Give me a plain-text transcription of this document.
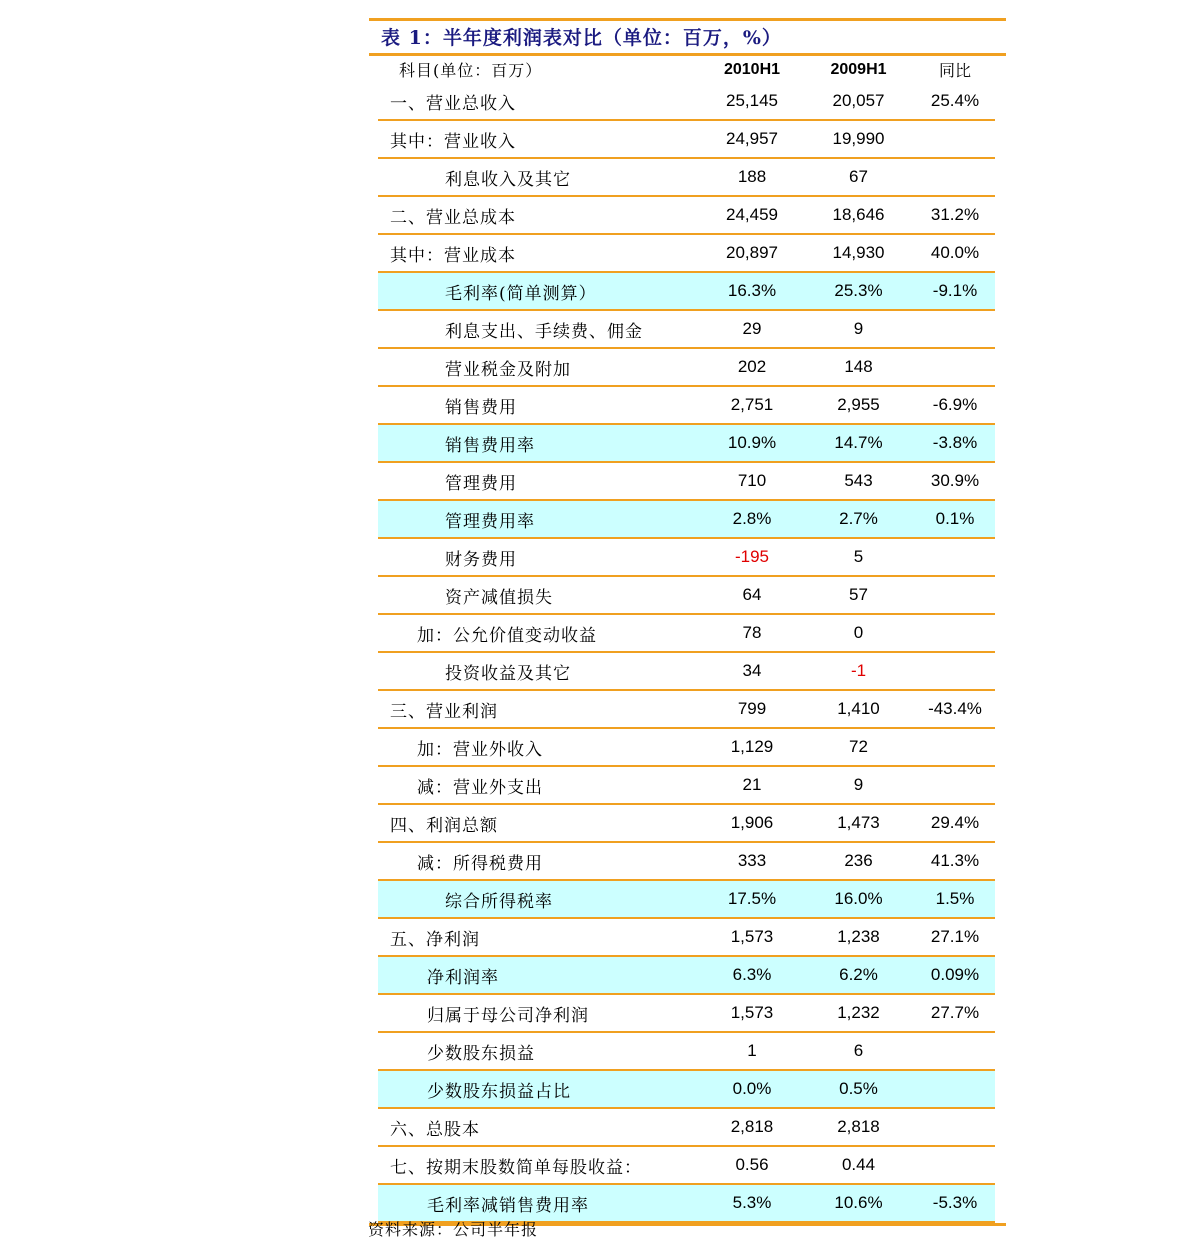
表 1：半年度利润表对比（单位：百万，%）
科目(单位：百万）	2010H1	2009H1	同比
一、营业总收入	25,145	20,057	25.4%
其中：营业收入	24,957	19,990
利息收入及其它	188	67
二、营业总成本	24,459	18,646	31.2%
其中：营业成本	20,897	14,930	40.0%
毛利率(简单测算）	16.3%	25.3%	-9.1%
利息支出、手续费、佣金	29	9
营业税金及附加	202	148
销售费用	2,751	2,955	-6.9%
销售费用率	10.9%	14.7%	-3.8%
管理费用	710	543	30.9%
管理费用率	2.8%	2.7%	0.1%
财务费用	-195	5
资产减值损失	64	57
加：公允价值变动收益	78	0
投资收益及其它	34	-1
三、营业利润	799	1,410	-43.4%
加：营业外收入	1,129	72
减：营业外支出	21	9
四、利润总额	1,906	1,473	29.4%
减：所得税费用	333	236	41.3%
综合所得税率	17.5%	16.0%	1.5%
五、净利润	1,573	1,238	27.1%
净利润率	6.3%	6.2%	0.09%
归属于母公司净利润	1,573	1,232	27.7%
少数股东损益	1	6
少数股东损益占比	0.0%	0.5%
六、总股本	2,818	2,818
七、按期末股数简单每股收益：	0.56	0.44
毛利率减销售费用率	5.3%	10.6%	-5.3%
资料来源：公司半年报
